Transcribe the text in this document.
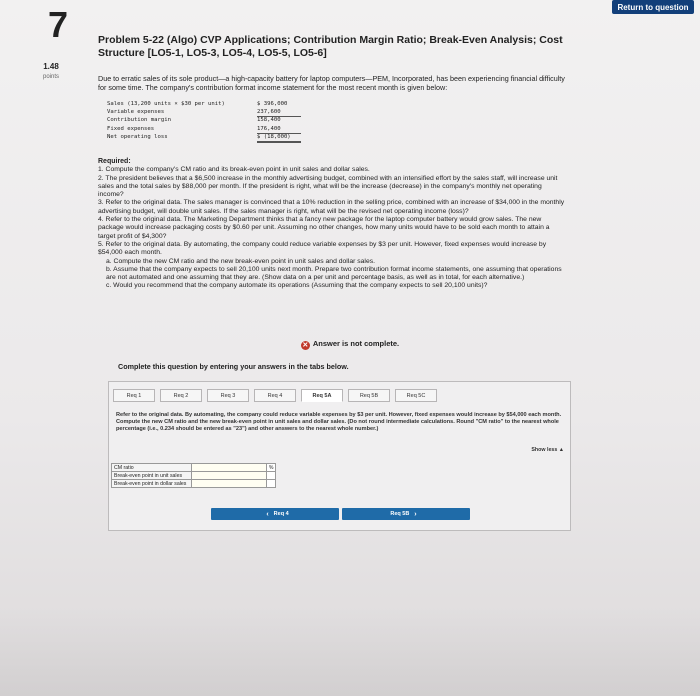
Return to question
7
1.48
points
Problem 5-22 (Algo) CVP Applications; Contribution Margin Ratio; Break-Even Analysis; Cost Structure [LO5-1, LO5-3, LO5-4, LO5-5, LO5-6]
Due to erratic sales of its sole product—a high-capacity battery for laptop computers—PEM, Incorporated, has been experiencing financial difficulty for some time. The company's contribution format income statement for the most recent month is given below:
Sales (13,200 units × $30 per unit)	$ 396,000
Variable expenses	237,600
Contribution margin	158,400
Fixed expenses	176,400
Net operating loss	$ (18,000)

Required:

1. Compute the company's CM ratio and its break-even point in unit sales and dollar sales.

2. The president believes that a $6,500 increase in the monthly advertising budget, combined with an intensified effort by the sales staff, will increase unit sales and the total sales by $88,000 per month. If the president is right, what will be the increase (decrease) in the company's monthly net operating income?

3. Refer to the original data. The sales manager is convinced that a 10% reduction in the selling price, combined with an increase of $34,000 in the monthly advertising budget, will double unit sales. If the sales manager is right, what will be the revised net operating income (loss)?

4. Refer to the original data. The Marketing Department thinks that a fancy new package for the laptop computer battery would grow sales. The new package would increase packaging costs by $0.60 per unit. Assuming no other changes, how many units would have to be sold each month to attain a target profit of $4,300?

5. Refer to the original data. By automating, the company could reduce variable expenses by $3 per unit. However, fixed expenses would increase by $54,000 each month.

a. Compute the new CM ratio and the new break-even point in unit sales and dollar sales.

b. Assume that the company expects to sell 20,100 units next month. Prepare two contribution format income statements, one assuming that operations are not automated and one assuming that they are. (Show data on a per unit and percentage basis, as well as in total, for each alternative.)

c. Would you recommend that the company automate its operations (Assuming that the company expects to sell 20,100 units)?

✕ Answer is not complete.
Complete this question by entering your answers in the tabs below.
Req 1	Req 2	Req 3	Req 4	Req 5A	Req 5B	Req 5C
Refer to the original data. By automating, the company could reduce variable expenses by $3 per unit. However, fixed expenses would increase by $54,000 each month. Compute the new CM ratio and the new break-even point in unit sales and dollar sales. (Do not round intermediate calculations. Round "CM ratio" to the nearest whole percentage (i.e., 0.234 should be entered as "23") and other answers to the nearest whole number.)
Show less ▲
CM ratio		%
Break-even point in unit sales		
Break-even point in dollar sales		
‹ Req 4	Req 5B ›
